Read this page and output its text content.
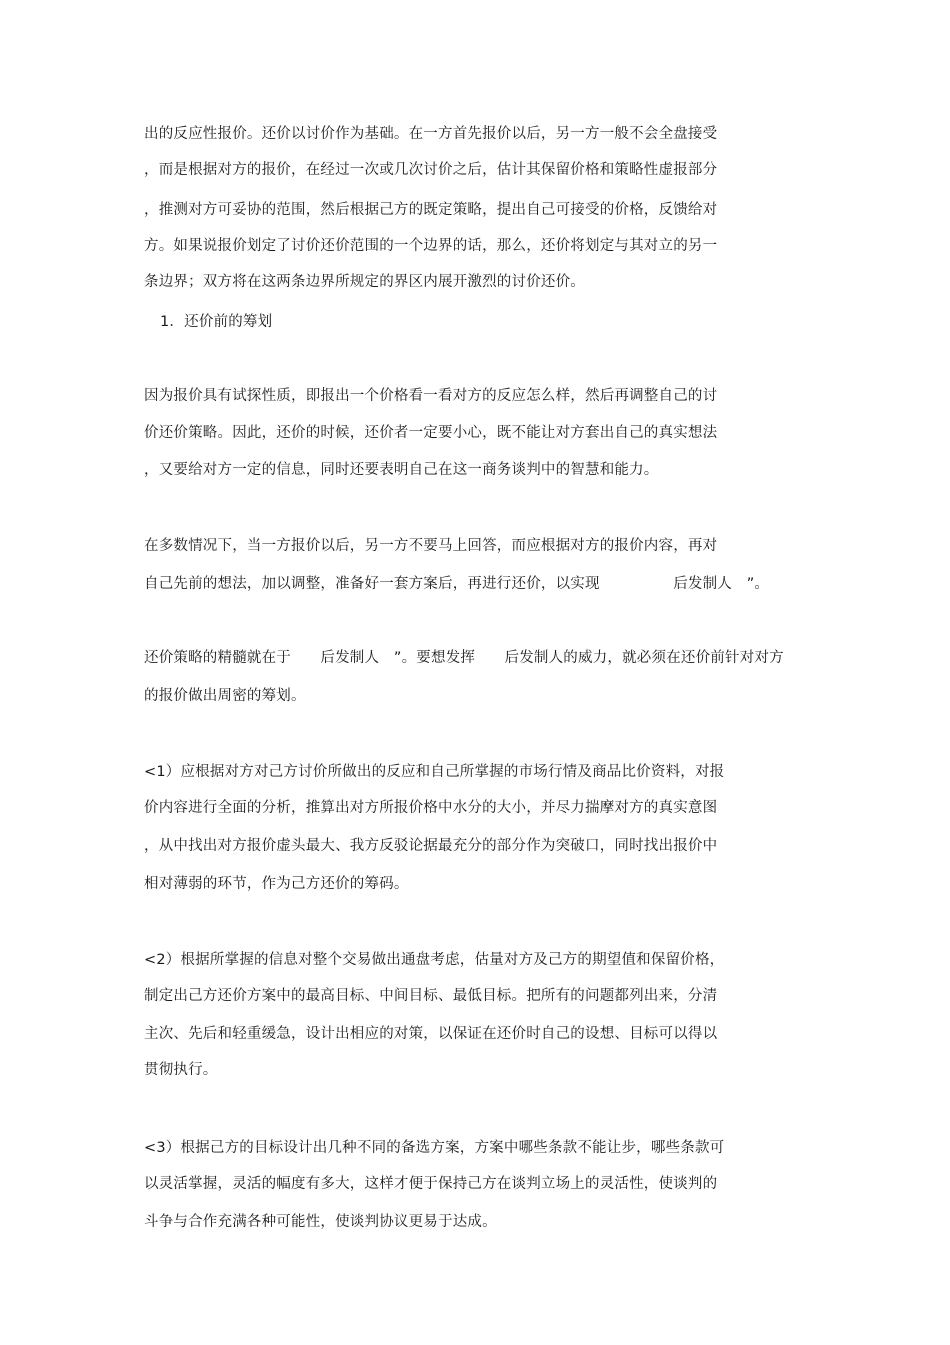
出的反应性报价。还价以讨价作为基础。在一方首先报价以后，另一方一般不会全盘接受
，而是根据对方的报价，在经过一次或几次讨价之后，估计其保留价格和策略性虚报部分
，推测对方可妥协的范围，然后根据己方的既定策略，提出自己可接受的价格，反馈给对
方。如果说报价划定了讨价还价范围的一个边界的话，那么，还价将划定与其对立的另一
条边界；双方将在这两条边界所规定的界区内展开激烈的讨价还价。
1．还价前的筹划
因为报价具有试探性质，即报出一个价格看一看对方的反应怎么样，然后再调整自己的讨
价还价策略。因此，还价的时候，还价者一定要小心，既不能让对方套出自己的真实想法
，又要给对方一定的信息，同时还要表明自己在这一商务谈判中的智慧和能力。
在多数情况下，当一方报价以后，另一方不要马上回答，而应根据对方的报价内容，再对
自己先前的想法，加以调整，准备好一套方案后，再进行还价，以实现　　　　　后发制人　”。
还价策略的精髓就在于　　后发制人　”。要想发挥　　后发制人的威力，就必须在还价前针对对方
的报价做出周密的筹划。
<1）应根据对方对己方讨价所做出的反应和自己所掌握的市场行情及商品比价资料，对报
价内容进行全面的分析，推算出对方所报价格中水分的大小，并尽力揣摩对方的真实意图
，从中找出对方报价虚头最大、我方反驳论据最充分的部分作为突破口，同时找出报价中
相对薄弱的环节，作为己方还价的筹码。
<2）根据所掌握的信息对整个交易做出通盘考虑，估量对方及己方的期望值和保留价格，
制定出己方还价方案中的最高目标、中间目标、最低目标。把所有的问题都列出来，分清
主次、先后和轻重缓急，设计出相应的对策，以保证在还价时自己的设想、目标可以得以
贯彻执行。
<3）根据己方的目标设计出几种不同的备选方案，方案中哪些条款不能让步，哪些条款可
以灵活掌握，灵活的幅度有多大，这样才便于保持己方在谈判立场上的灵活性，使谈判的
斗争与合作充满各种可能性，使谈判协议更易于达成。
